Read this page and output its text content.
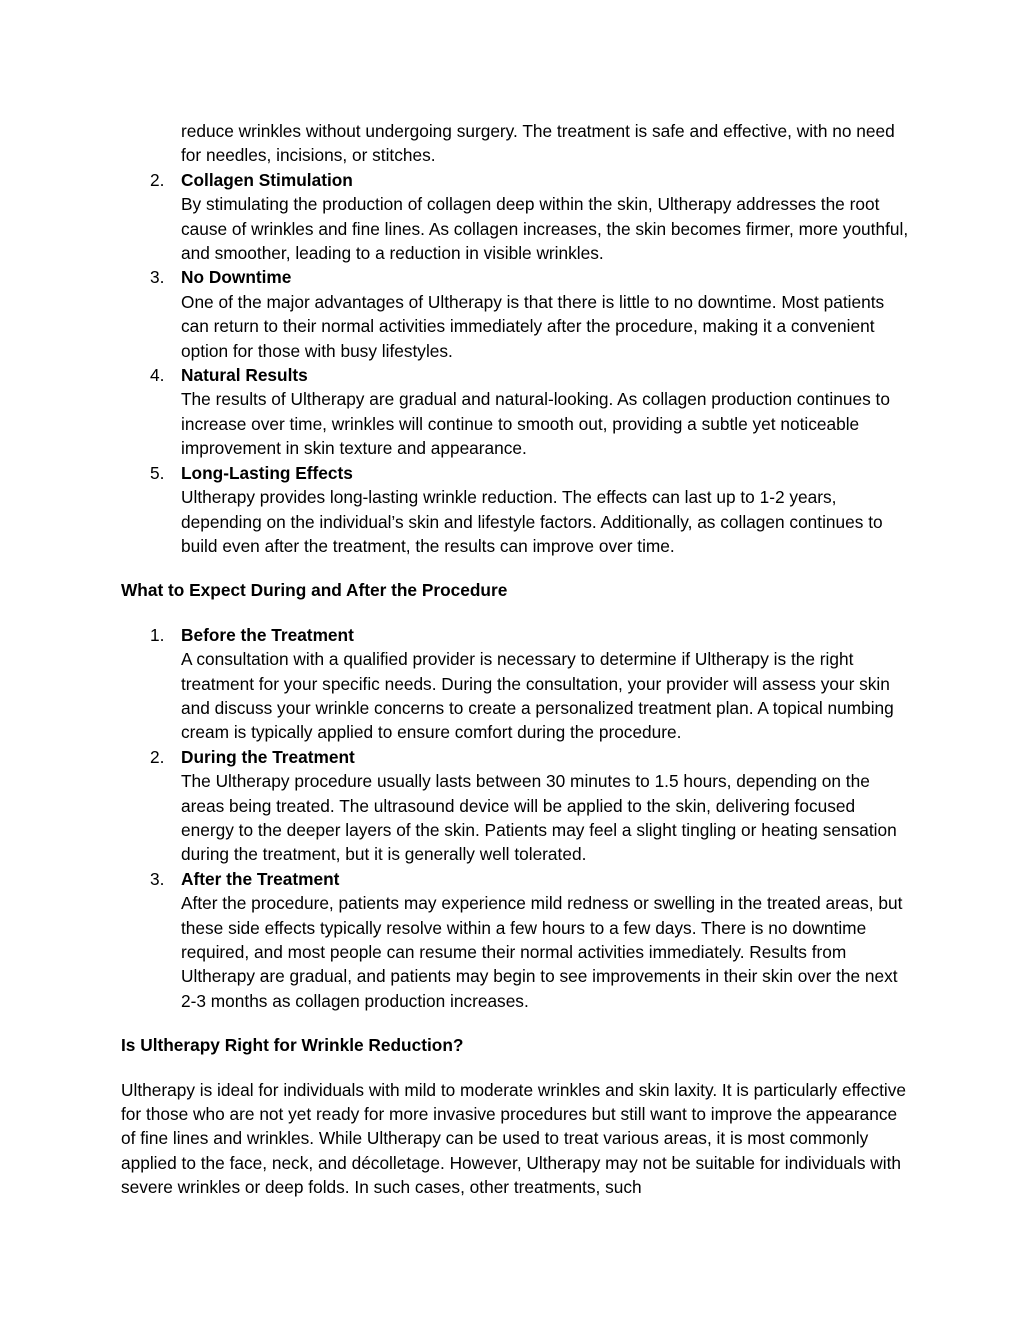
reduce wrinkles without undergoing surgery. The treatment is safe and effective, with no need for needles, incisions, or stitches.
2. Collagen Stimulation
By stimulating the production of collagen deep within the skin, Ultherapy addresses the root cause of wrinkles and fine lines. As collagen increases, the skin becomes firmer, more youthful, and smoother, leading to a reduction in visible wrinkles.
3. No Downtime
One of the major advantages of Ultherapy is that there is little to no downtime. Most patients can return to their normal activities immediately after the procedure, making it a convenient option for those with busy lifestyles.
4. Natural Results
The results of Ultherapy are gradual and natural-looking. As collagen production continues to increase over time, wrinkles will continue to smooth out, providing a subtle yet noticeable improvement in skin texture and appearance.
5. Long-Lasting Effects
Ultherapy provides long-lasting wrinkle reduction. The effects can last up to 1-2 years, depending on the individual’s skin and lifestyle factors. Additionally, as collagen continues to build even after the treatment, the results can improve over time.
What to Expect During and After the Procedure
1. Before the Treatment
A consultation with a qualified provider is necessary to determine if Ultherapy is the right treatment for your specific needs. During the consultation, your provider will assess your skin and discuss your wrinkle concerns to create a personalized treatment plan. A topical numbing cream is typically applied to ensure comfort during the procedure.
2. During the Treatment
The Ultherapy procedure usually lasts between 30 minutes to 1.5 hours, depending on the areas being treated. The ultrasound device will be applied to the skin, delivering focused energy to the deeper layers of the skin. Patients may feel a slight tingling or heating sensation during the treatment, but it is generally well tolerated.
3. After the Treatment
After the procedure, patients may experience mild redness or swelling in the treated areas, but these side effects typically resolve within a few hours to a few days. There is no downtime required, and most people can resume their normal activities immediately. Results from Ultherapy are gradual, and patients may begin to see improvements in their skin over the next 2-3 months as collagen production increases.
Is Ultherapy Right for Wrinkle Reduction?

Ultherapy is ideal for individuals with mild to moderate wrinkles and skin laxity. It is particularly effective for those who are not yet ready for more invasive procedures but still want to improve the appearance of fine lines and wrinkles. While Ultherapy can be used to treat various areas, it is most commonly applied to the face, neck, and décolletage. However, Ultherapy may not be suitable for individuals with severe wrinkles or deep folds. In such cases, other treatments, such
